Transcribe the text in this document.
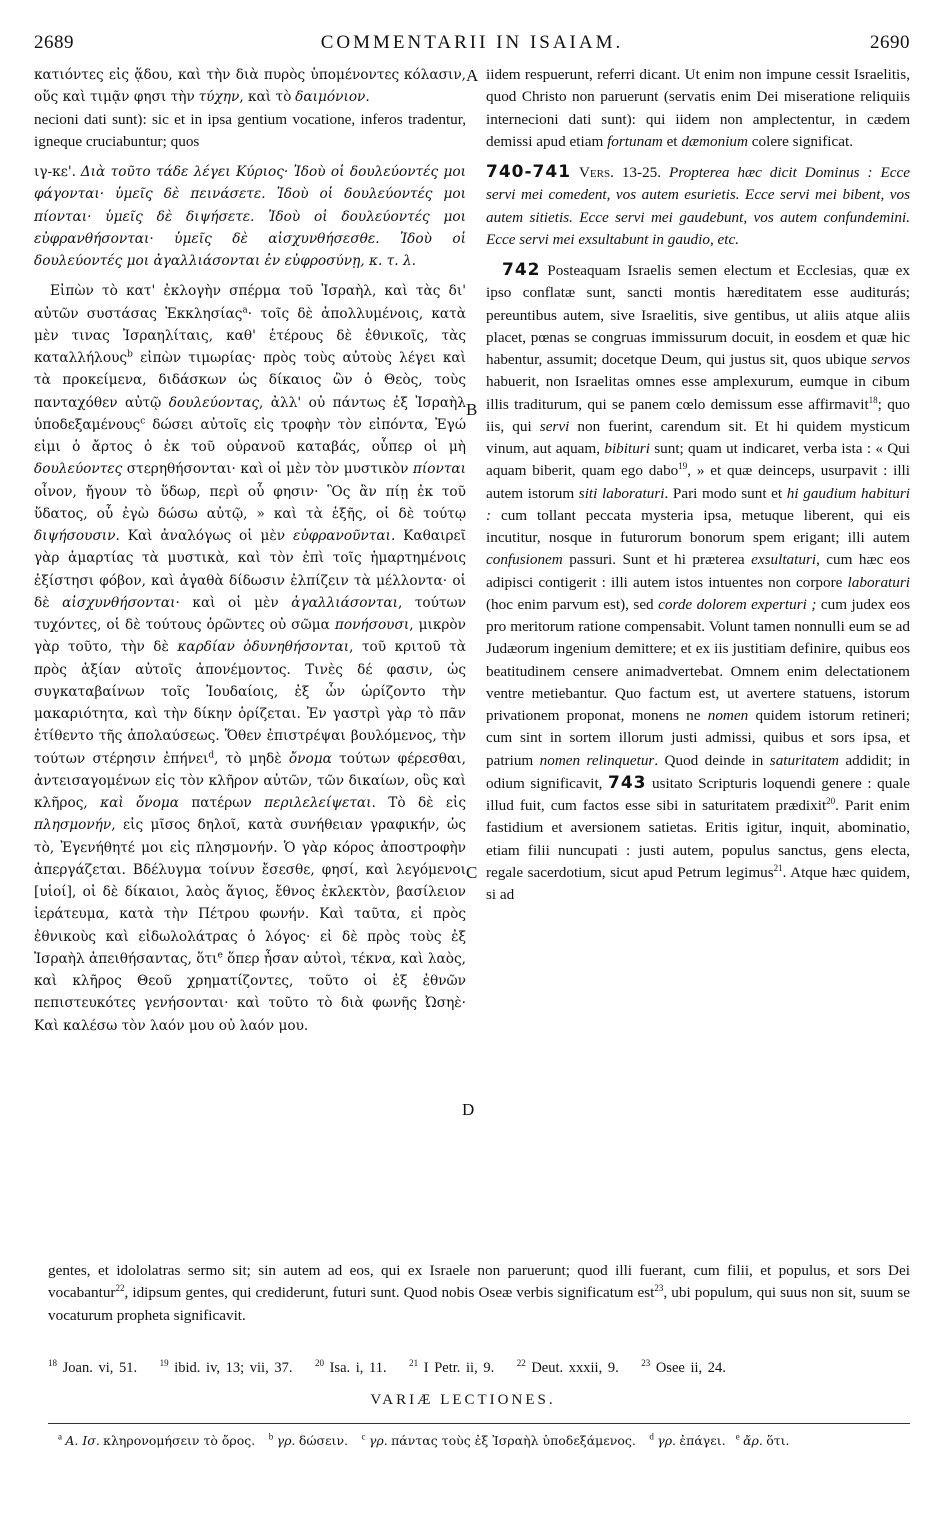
2689	COMMENTARII IN ISAIAM.	2690
A
B
C
D

κατιόντες εἰς ᾅδου, καὶ τὴν διὰ πυρὸς ὑπομένοντες κόλασιν, οὕς καὶ τιμᾷν φησι τὴν τύχην, καὶ τὸ δαιμόνιον.

necioni dati sunt): sic et in ipsa gentium vocatione, inferos tradentur, igneque cruciabuntur; quos

ιγ-κε'. Διὰ τοῦτο τάδε λέγει Κύριος· Ἰδοὺ οἱ δουλεύοντές μοι φάγονται· ὑμεῖς δὲ πεινάσετε. Ἰδοὺ οἱ δουλεύοντές μοι πίονται· ὑμεῖς δὲ διψήσετε. Ἰδοὺ οἱ δουλεύοντές μοι εὐφρανθήσονται· ὑμεῖς δὲ αἰσχυνθήσεσθε. Ἰδοὺ οἱ δουλεύοντές μοι ἀγαλλιάσονται ἐν εὐφροσύνῃ, κ. τ. λ.

Εἰπὼν τὸ κατ' ἐκλογὴν σπέρμα τοῦ Ἰσραὴλ, καὶ τὰς δι' αὐτῶν συστάσας Ἐκκλησίας$^a$· τοῖς δὲ ἀπολλυμένοις, κατὰ μὲν τινας Ἰσραηλίταις, καθ' ἑτέρους δὲ ἐθνικοῖς, τὰς καταλλήλους$^b$ εἰπὼν τιμωρίας· πρὸς τοὺς αὐτοὺς λέγει καὶ τὰ προκείμενα, διδάσκων ὡς δίκαιος ὢν ὁ Θεὸς, τοὺς πανταχόθεν αὐτῷ δουλεύοντας, ἀλλ' οὐ πάντως ἐξ Ἰσραὴλ ὑποδεξαμένους$^c$ δώσει αὐτοῖς εἰς τροφὴν τὸν εἰπόντα, Ἐγώ εἰμι ὁ ἄρτος ὁ ἐκ τοῦ οὐρανοῦ καταβάς, οὗπερ οἱ μὴ δουλεύοντες στερηθήσονται· καὶ οἱ μὲν τὸν μυστικὸν πίονται οἶνον, ἤγουν τὸ ὕδωρ, περὶ οὗ φησιν· Ὃς ἂν πίῃ ἐκ τοῦ ὕδατος, οὗ ἐγὼ δώσω αὐτῷ, » καὶ τὰ ἑξῆς, οἱ δὲ τούτῳ διψήσουσιν. Καὶ ἀναλόγως οἱ μὲν εὐφρανοῦνται. Καθαιρεῖ γὰρ ἁμαρτίας τὰ μυστικὰ, καὶ τὸν ἐπὶ τοῖς ἡμαρτημένοις ἐξίστησι φόβον, καὶ ἀγαθὰ δίδωσιν ἐλπίζειν τὰ μέλλοντα· οἱ δὲ αἰσχυνθήσονται· καὶ οἱ μὲν ἀγαλλιάσονται, τούτων τυχόντες, οἱ δὲ τούτους ὁρῶντες οὐ σῶμα πονήσουσι, μικρὸν γὰρ τοῦτο, τὴν δὲ καρδίαν ὀδυνηθήσονται, τοῦ κριτοῦ τὰ πρὸς ἀξίαν αὐτοῖς ἀπονέμοντος. Τινὲς δέ φασιν, ὡς συγκαταβαίνων τοῖς Ἰουδαίοις, ἐξ ὧν ὡρίζοντο τὴν μακαριότητα, καὶ τὴν δίκην ὁρίζεται. Ἐν γαστρὶ γὰρ τὸ πᾶν ἐτίθεντο τῆς ἀπολαύσεως. Ὅθεν ἐπιστρέψαι βουλόμενος, τὴν τούτων στέρησιν ἐπήνει$^d$, τὸ μηδὲ ὄνομα τούτων φέρεσθαι, ἀντεισαγομένων εἰς τὸν κλῆρον αὐτῶν, τῶν δικαίων, οὓς καὶ κλῆρος, καὶ ὄνομα πατέρων περιλελείψεται. Τὸ δὲ εἰς πλησμονήν, εἰς μῖσος δηλοῖ, κατὰ συνήθειαν γραφικήν, ὡς τὸ, Ἐγενήθητέ μοι εἰς πλησμονήν. Ὁ γὰρ κόρος ἀποστροφὴν ἀπεργάζεται. Βδέλυγμα τοίνυν ἔσεσθε, φησί, καὶ λεγόμενοι [υἱοί], οἱ δὲ δίκαιοι, λαὸς ἅγιος, ἔθνος ἐκλεκτὸν, βασίλειον ἱεράτευμα, κατὰ τὴν Πέτρου φωνήν. Καὶ ταῦτα, εἰ πρὸς ἐθνικοὺς καὶ εἰδωλολάτρας ὁ λόγος· εἰ δὲ πρὸς τοὺς ἐξ Ἰσραὴλ ἀπειθήσαντας, ὅτι$^e$ ὅπερ ἦσαν αὐτοὶ, τέκνα, καὶ λαὸς, καὶ κλῆρος Θεοῦ χρηματίζοντες, τοῦτο οἱ ἐξ ἐθνῶν πεπιστευκότες γενήσονται· καὶ τοῦτο τὸ διὰ φωνῆς Ὠσηὲ· Καὶ καλέσω τὸν λαόν μου οὐ λαόν μου.

iidem respuerunt, referri dicant. Ut enim non impune cessit Israelitis, quod Christo non paruerunt (servatis enim Dei miseratione reliquiis internecioni dati sunt): qui iidem non amplectentur, in cædem demissi apud etiam fortunam et dæmonium colere significat.

740-741 Vers. 13-25. Propterea hæc dicit Dominus : Ecce servi mei comedent, vos autem esurietis. Ecce servi mei bibent, vos autem sitietis. Ecce servi mei gaudebunt, vos autem confundemini. Ecce servi mei exsultabunt in gaudio, etc.

742 Posteaquam Israelis semen electum et Ecclesias, quæ ex ipso conflatæ sunt, sancti montis hæreditatem esse auditurás; pereuntibus autem, sive Israelitis, sive gentibus, ut aliis atque aliis placet, pœnas se congruas immissurum docuit, in eosdem et quæ hic habentur, assumit; docetque Deum, qui justus sit, quos ubique servos habuerit, non Israelitas omnes esse amplexurum, eumque in cibum illis traditurum, qui se panem cœlo demissum esse affirmavit$^{18}$; quo iis, qui servi non fuerint, carendum sit. Et hi quidem mysticum vinum, aut aquam, bibituri sunt; quam ut indicaret, verba ista : « Qui aquam biberit, quam ego dabo$^{19}$, » et quæ deinceps, usurpavit : illi autem istorum siti laboraturi. Pari modo sunt et hi gaudium habituri : cum tollant peccata mysteria ipsa, metuque liberent, qui eis incutitur, nosque in futurorum bonorum spem erigant; illi autem confusionem passuri. Sunt et hi præterea exsultaturi, cum hæc eos adipisci contigerit : illi autem istos intuentes non corpore laboraturi (hoc enim parvum est), sed corde dolorem experturi ; cum judex eos pro meritorum ratione compensabit. Volunt tamen nonnulli eum se ad Judæorum ingenium demittere; et ex iis justitiam definire, quibus eos beatitudinem censere animadvertebat. Omnem enim delectationem ventre metiebantur. Quo factum est, ut avertere statuens, istorum privationem proponat, monens ne nomen quidem istorum retineri; cum sint in sortem illorum justi admissi, quibus et sors ipsa, et patrium nomen relinquetur. Quod deinde in saturitatem addidit; in odium significavit, 743 usitato Scripturis loquendi genere : quale illud fuit, cum factos esse sibi in saturitatem prædixit$^{20}$. Parit enim fastidium et aversionem satietas. Eritis igitur, inquit, abominatio, etiam filii nuncupati : justi autem, populus sanctus, gens electa, regale sacerdotium, sicut apud Petrum legimus$^{21}$. Atque hæc quidem, si ad

gentes, et idololatras sermo sit; sin autem ad eos, qui ex Israele non paruerunt; quod illi fuerant, cum filii, et populus, et sors Dei vocabantur$^{22}$, idipsum gentes, qui crediderunt, futuri sunt. Quod nobis Oseæ verbis significatum est$^{23}$, ubi populum, qui suus non sit, suum se vocaturum propheta significavit.

$^{18}$ Joan. vi, 51.	$^{19}$ ibid. iv, 13; vii, 37.	$^{20}$ Isa. i, 11.	$^{21}$ I Petr. ii, 9.	$^{22}$ Deut. xxxii, 9.	$^{23}$ Osee ii, 24.
VARIÆ LECTIONES.
$^a$ A. Ισ. κληρονομήσειν τὸ ὄρος. $^b$ γρ. δώσειν. $^c$ γρ. πάντας τοὺς ἐξ Ἰσραὴλ ὑποδεξάμενος. $^d$ γρ. ἐπάγει. $^e$ ἄρ. ὅτι.
